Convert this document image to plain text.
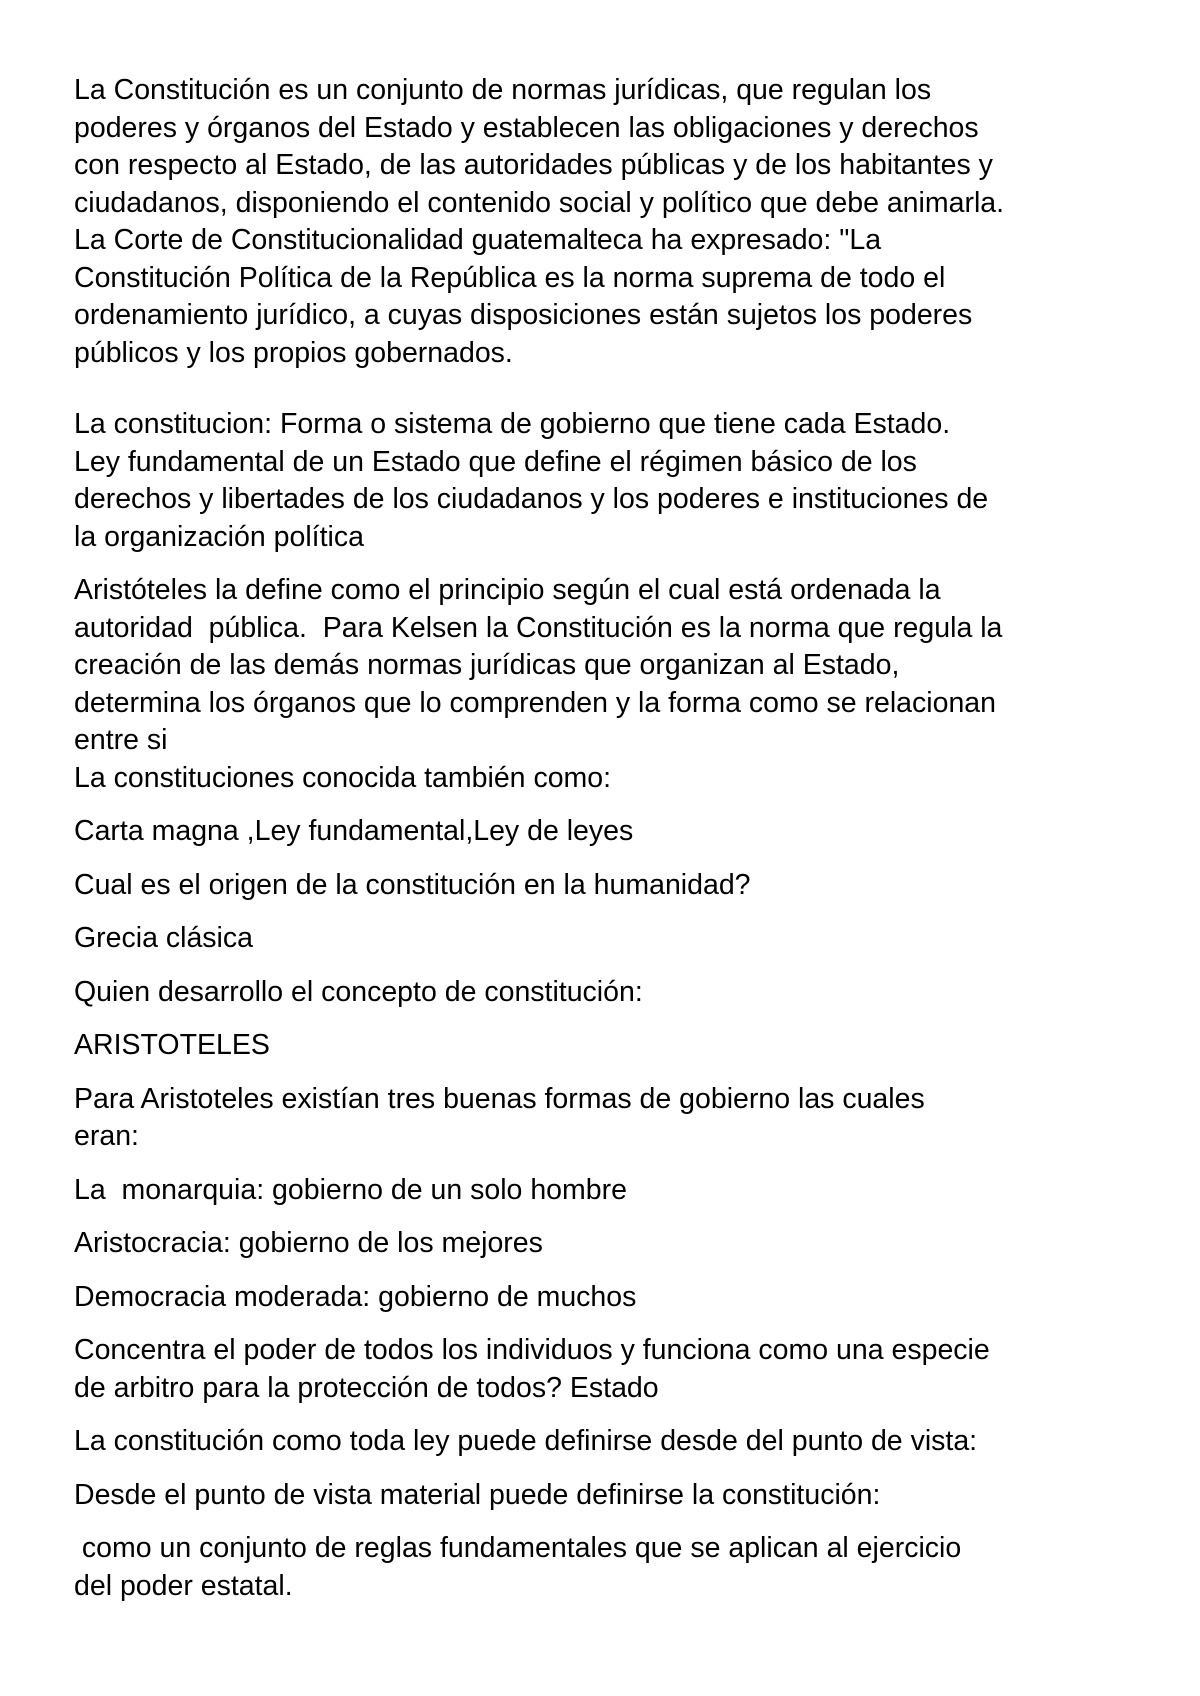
La Constitución es un conjunto de normas jurídicas, que regulan los
poderes y órganos del Estado y establecen las obligaciones y derechos
con respecto al Estado, de las autoridades públicas y de los habitantes y
ciudadanos, disponiendo el contenido social y político que debe animarla.
La Corte de Constitucionalidad guatemalteca ha expresado: "La
Constitución Política de la República es la norma suprema de todo el
ordenamiento jurídico, a cuyas disposiciones están sujetos los poderes
públicos y los propios gobernados.

La constitucion: Forma o sistema de gobierno que tiene cada Estado.
Ley fundamental de un Estado que define el régimen básico de los
derechos y libertades de los ciudadanos y los poderes e instituciones de
la organización política

Aristóteles la define como el principio según el cual está ordenada la
autoridad  pública.  Para Kelsen la Constitución es la norma que regula la
creación de las demás normas jurídicas que organizan al Estado,
determina los órganos que lo comprenden y la forma como se relacionan
entre si
La constituciones conocida también como:

Carta magna ,Ley fundamental,Ley de leyes

Cual es el origen de la constitución en la humanidad?

Grecia clásica

Quien desarrollo el concepto de constitución:

ARISTOTELES

Para Aristoteles existían tres buenas formas de gobierno las cuales
eran:

La  monarquia: gobierno de un solo hombre

Aristocracia: gobierno de los mejores

Democracia moderada: gobierno de muchos

Concentra el poder de todos los individuos y funciona como una especie
de arbitro para la protección de todos? Estado

La constitución como toda ley puede definirse desde del punto de vista:

Desde el punto de vista material puede definirse la constitución:

como un conjunto de reglas fundamentales que se aplican al ejercicio
del poder estatal.
